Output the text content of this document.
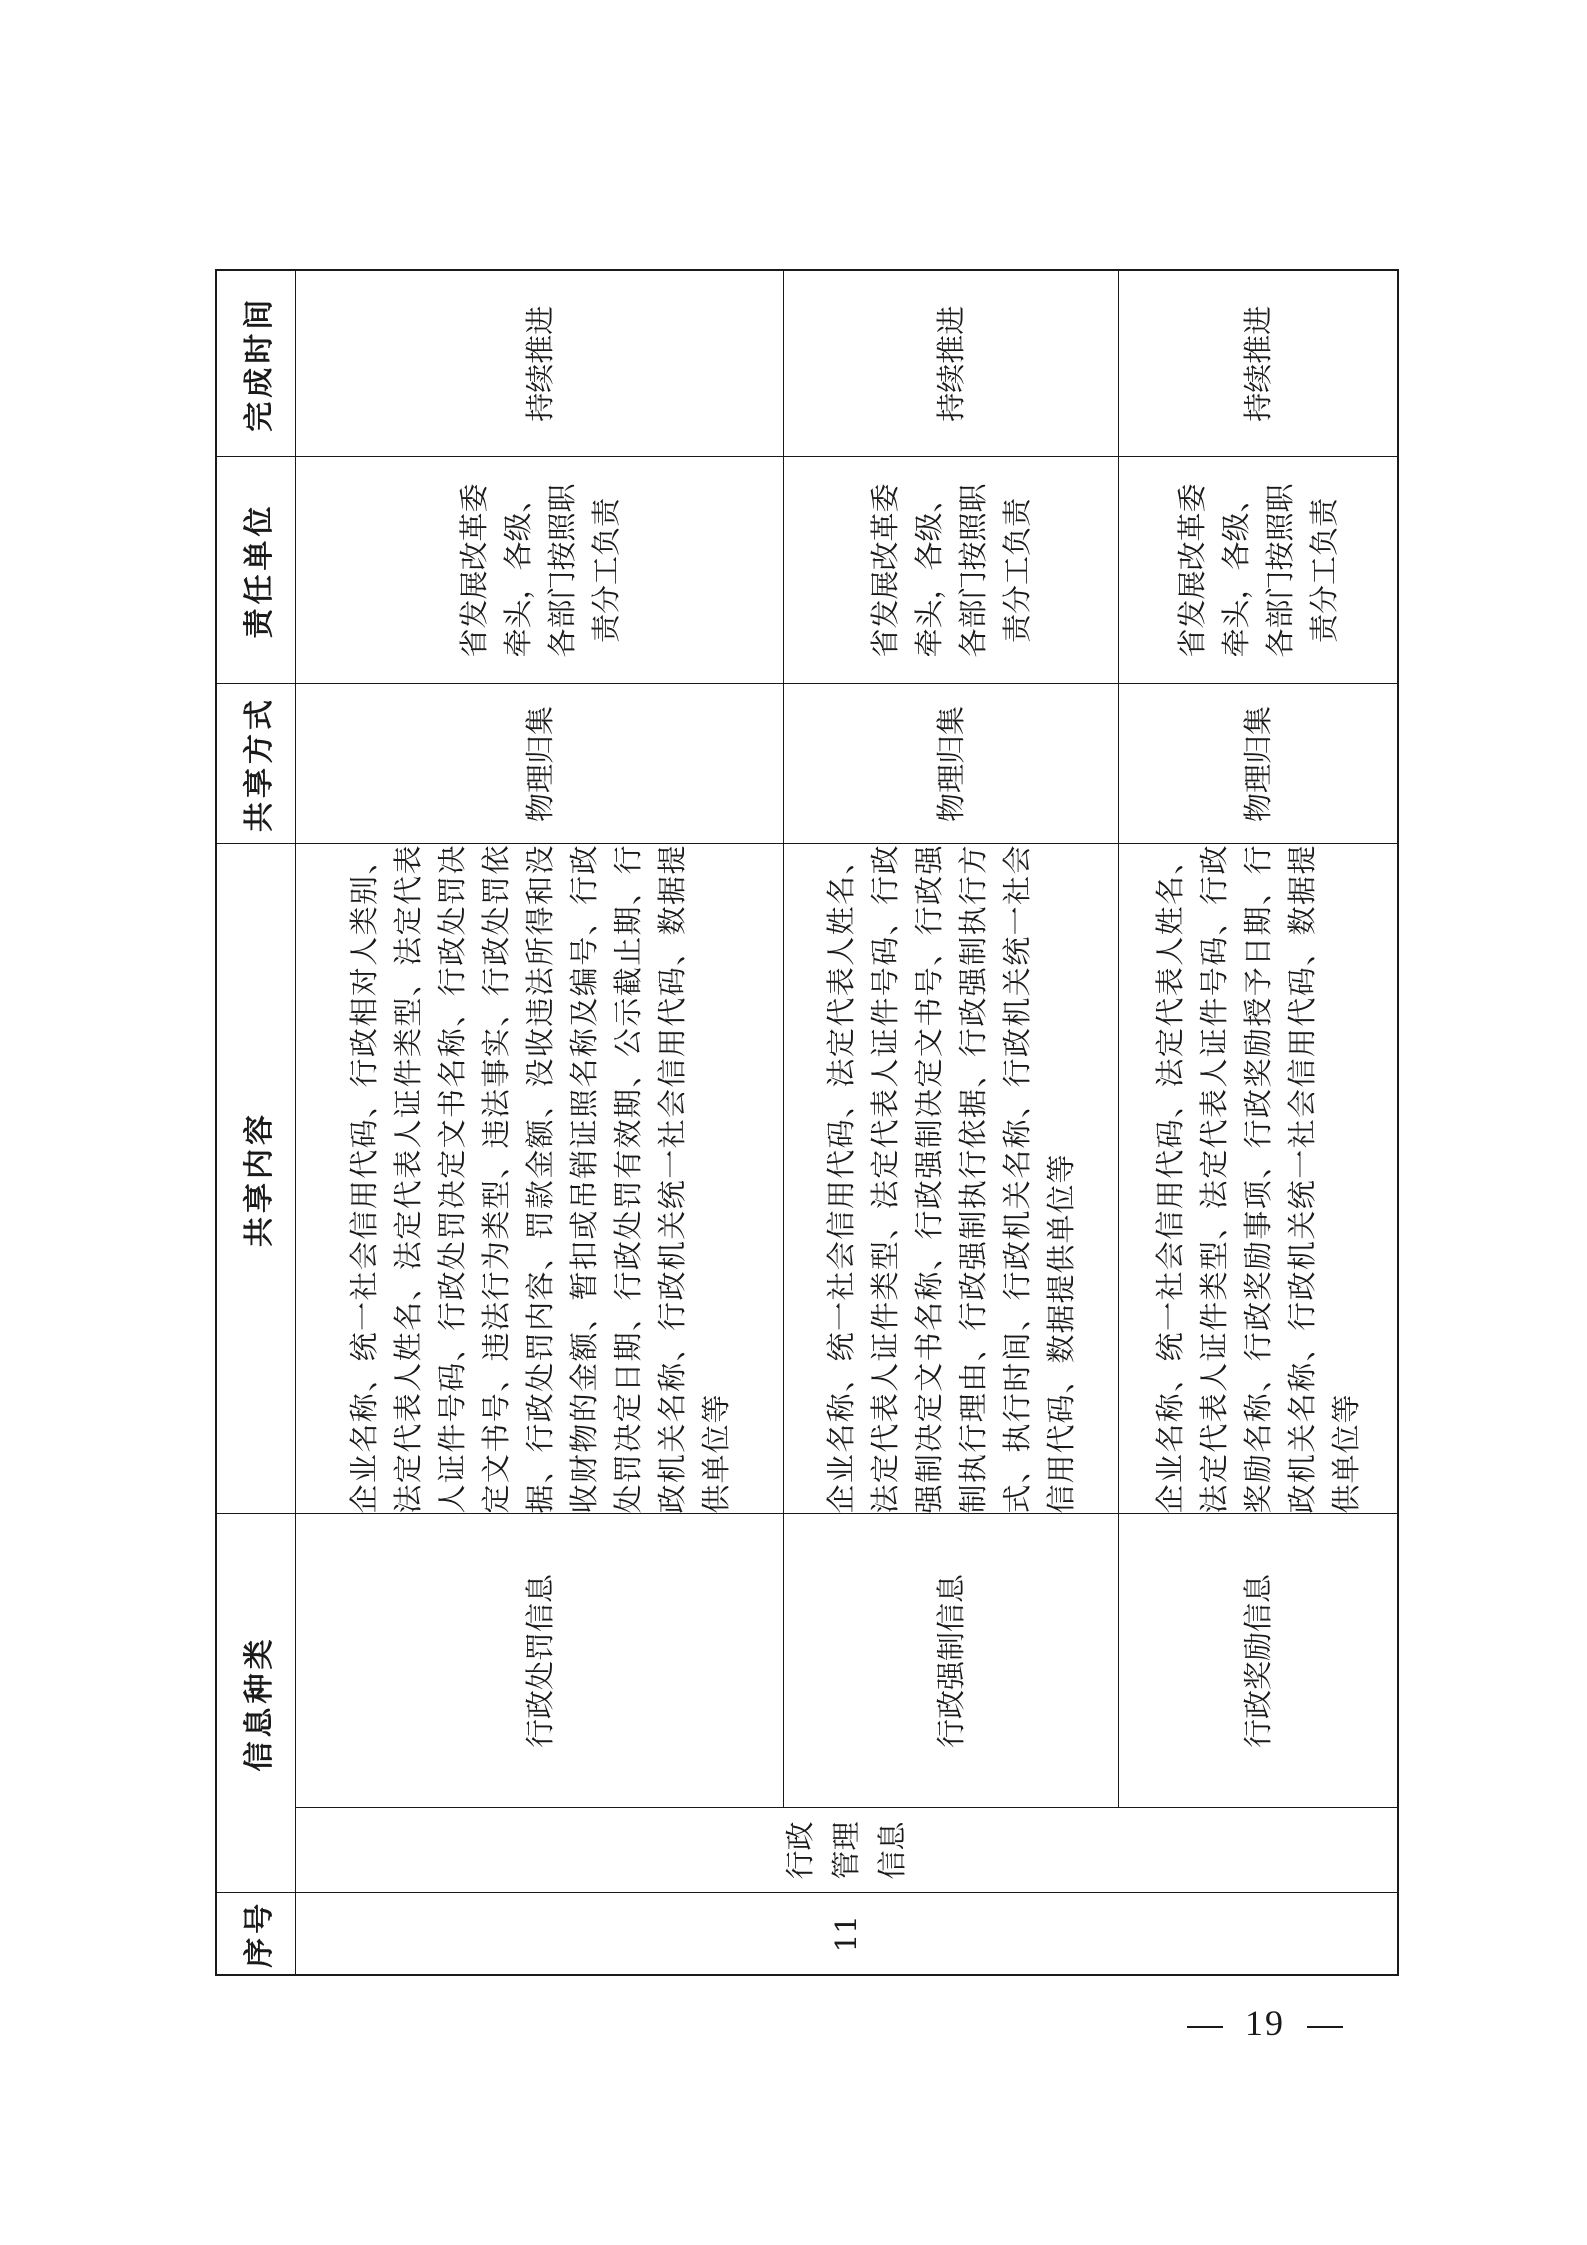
序号	信息种类		共享内容	共享方式	责任单位	完成时间
11	行政管理信息	行政处罚信息	企业名称、统一社会信用代码、行政相对人类别、法定代表人姓名、法定代表人证件类型、法定代表人证件号码、行政处罚决定文书名称、行政处罚决定文书号、违法行为类型、违法事实、行政处罚依据、行政处罚内容、罚款金额、没收违法所得和没收财物的金额、暂扣或吊销证照名称及编号、行政处罚决定日期、行政处罚有效期、公示截止期、行政机关名称、行政机关统一社会信用代码、数据提供单位等	物理归集	省发展改革委牵头，各级、各部门按照职责分工负责	持续推进
		行政强制信息	企业名称、统一社会信用代码、法定代表人姓名、法定代表人证件类型、法定代表人证件号码、行政强制决定文书名称、行政强制决定文书号、行政强制执行理由、行政强制执行依据、行政强制执行方式、执行时间、行政机关名称、行政机关统一社会信用代码、数据提供单位等	物理归集	省发展改革委牵头，各级、各部门按照职责分工负责	持续推进
		行政奖励信息	企业名称、统一社会信用代码、法定代表人姓名、法定代表人证件类型、法定代表人证件号码、行政奖励名称、行政奖励事项、行政奖励授予日期、行政机关名称、行政机关统一社会信用代码、数据提供单位等	物理归集	省发展改革委牵头，各级、各部门按照职责分工负责	持续推进
19
